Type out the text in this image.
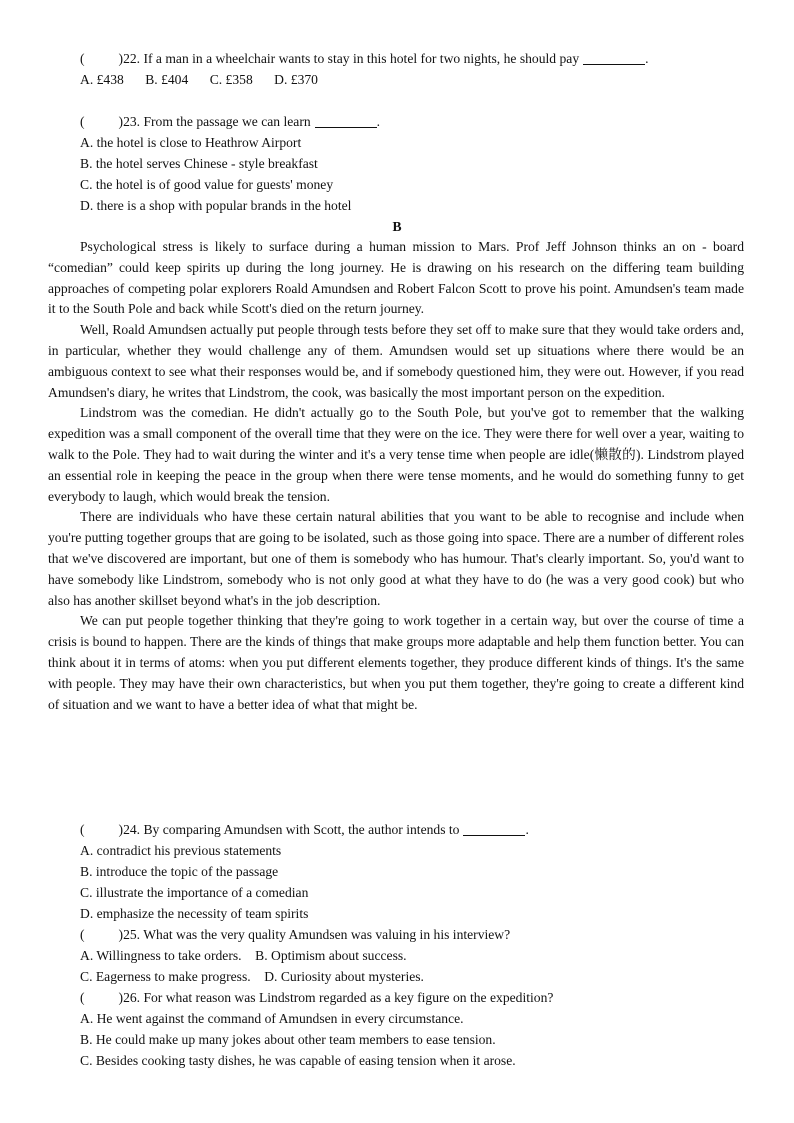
(	)22. If a man in a wheelchair wants to stay in this hotel for two nights, he should pay	.
A. £438 B. £404 C. £358 D. £370
(	)23. From the passage we can learn	.
A. the hotel is close to Heathrow Airport
B. the hotel serves Chinese - style breakfast
C. the hotel is of good value for guests' money
D. there is a shop with popular brands in the hotel
B

Psychological stress is likely to surface during a human mission to Mars. Prof Jeff Johnson thinks an on - board “comedian” could keep spirits up during the long journey. He is drawing on his research on the differing team building approaches of competing polar explorers Roald Amundsen and Robert Falcon Scott to prove his point. Amundsen's team made it to the South Pole and back while Scott's died on the return journey.

Well, Roald Amundsen actually put people through tests before they set off to make sure that they would take orders and, in particular, whether they would challenge any of them. Amundsen would set up situations where there would be an ambiguous context to see what their responses would be, and if somebody questioned him, they were out. However, if you read Amundsen's diary, he writes that Lindstrom, the cook, was basically the most important person on the expedition.

Lindstrom was the comedian. He didn't actually go to the South Pole, but you've got to remember that the walking expedition was a small component of the overall time that they were on the ice. They were there for well over a year, waiting to walk to the Pole. They had to wait during the winter and it's a very tense time when people are idle(懒散的). Lindstrom played an essential role in keeping the peace in the group when there were tense moments, and he would do something funny to get everybody to laugh, which would break the tension.

There are individuals who have these certain natural abilities that you want to be able to recognise and include when you're putting together groups that are going to be isolated, such as those going into space. There are a number of different roles that we've discovered are important, but one of them is somebody who has humour. That's clearly important. So, you'd want to have somebody like Lindstrom, somebody who is not only good at what they have to do (he was a very good cook) but who also has another skillset beyond what's in the job description.

We can put people together thinking that they're going to work together in a certain way, but over the course of time a crisis is bound to happen. There are the kinds of things that make groups more adaptable and help them function better. You can think about it in terms of atoms: when you put different elements together, they produce different kinds of things. It's the same with people. They may have their own characteristics, but when you put them together, they're going to create a different kind of situation and we want to have a better idea of what that might be.

(	)24. By comparing Amundsen with Scott, the author intends to	.
A. contradict his previous statements
B. introduce the topic of the passage
C. illustrate the importance of a comedian
D. emphasize the necessity of team spirits
(	)25. What was the very quality Amundsen was valuing in his interview?
A. Willingness to take orders. B. Optimism about success.
C. Eagerness to make progress. D. Curiosity about mysteries.
(	)26. For what reason was Lindstrom regarded as a key figure on the expedition?
A. He went against the command of Amundsen in every circumstance.
B. He could make up many jokes about other team members to ease tension.
C. Besides cooking tasty dishes, he was capable of easing tension when it arose.
